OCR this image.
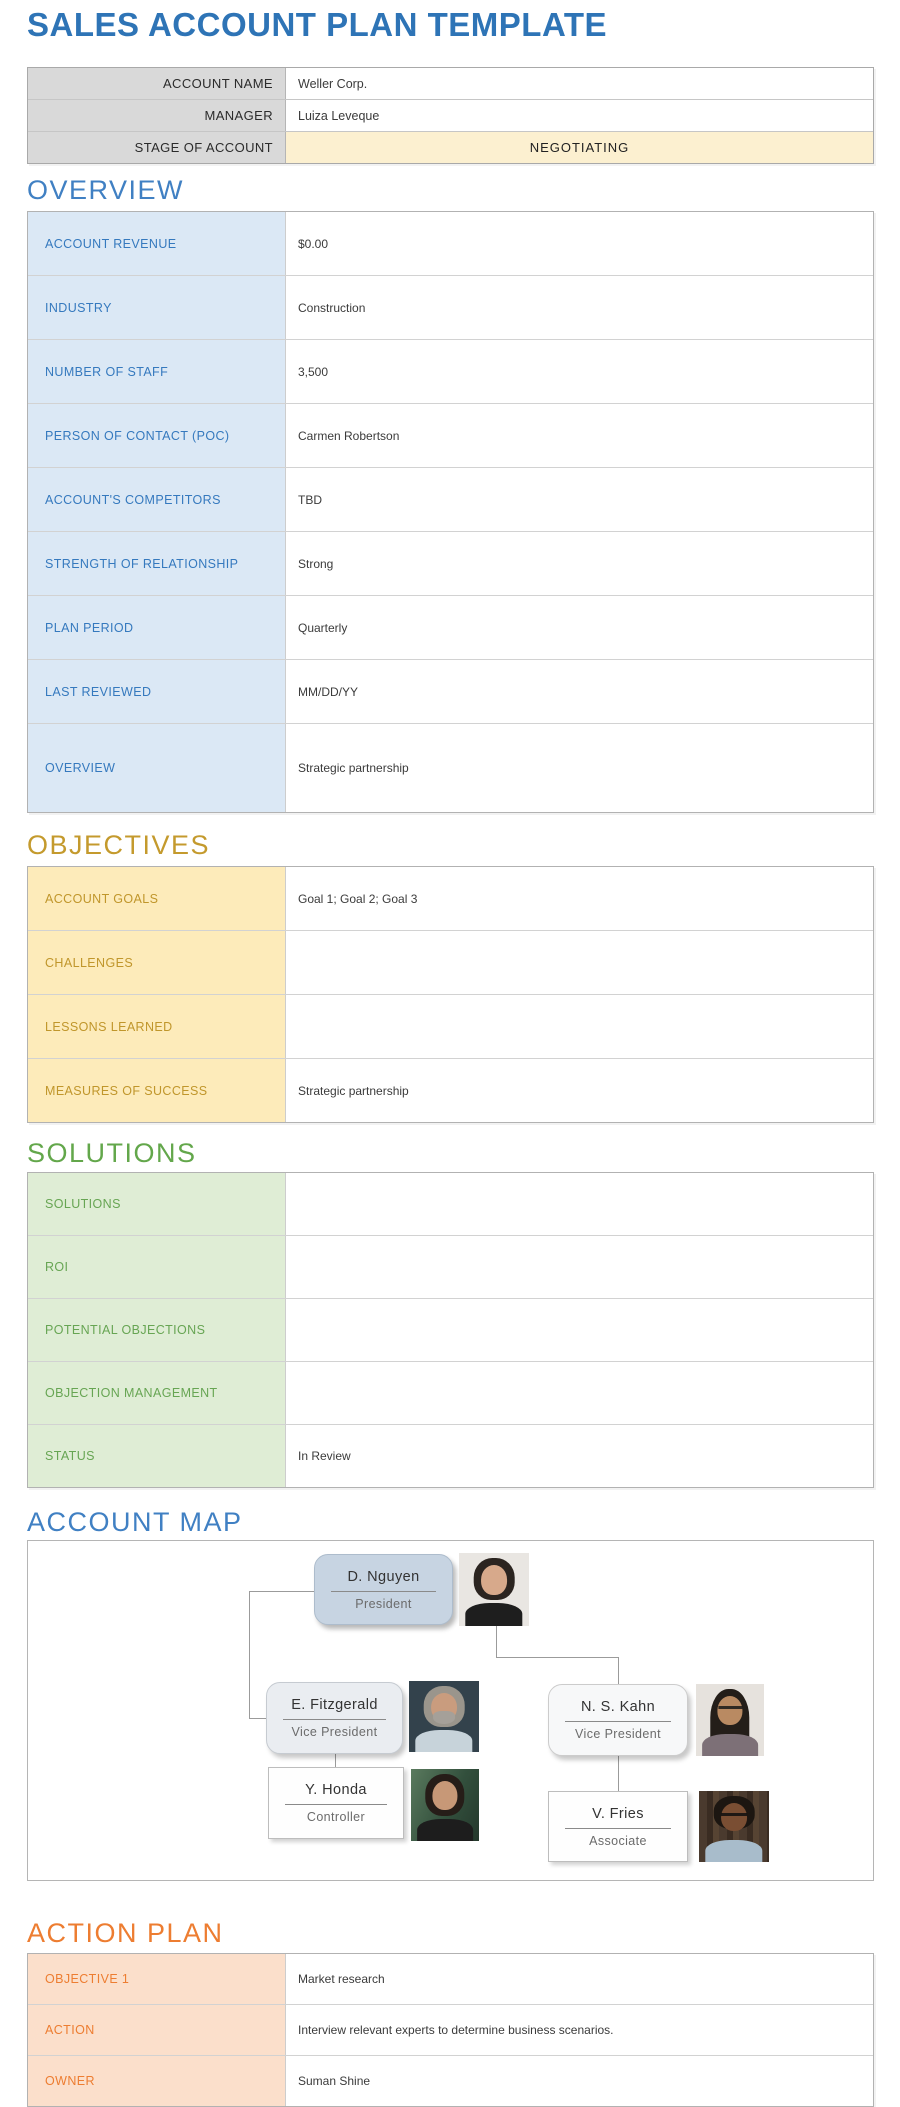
SALES ACCOUNT PLAN TEMPLATE
ACCOUNT NAME	Weller Corp.
MANAGER	Luiza Leveque
STAGE OF ACCOUNT	NEGOTIATING
OVERVIEW
ACCOUNT REVENUE	$0.00
INDUSTRY	Construction
NUMBER OF STAFF	3,500
PERSON OF CONTACT (POC)	Carmen Robertson
ACCOUNT'S COMPETITORS	TBD
STRENGTH OF RELATIONSHIP	Strong
PLAN PERIOD	Quarterly
LAST REVIEWED	MM/DD/YY
OVERVIEW	Strategic partnership
OBJECTIVES
ACCOUNT GOALS	Goal 1; Goal 2; Goal 3
CHALLENGES
LESSONS LEARNED
MEASURES OF SUCCESS	Strategic partnership
SOLUTIONS
SOLUTIONS
ROI
POTENTIAL OBJECTIONS
OBJECTION MANAGEMENT
STATUS	In Review
ACCOUNT MAP
D. Nguyen
President
E. Fitzgerald
Vice President
N. S. Kahn
Vice President
Y. Honda
Controller	V. Fries
Associate
ACTION PLAN
OBJECTIVE 1	Market research
ACTION	Interview relevant experts to determine business scenarios.
OWNER	Suman Shine
